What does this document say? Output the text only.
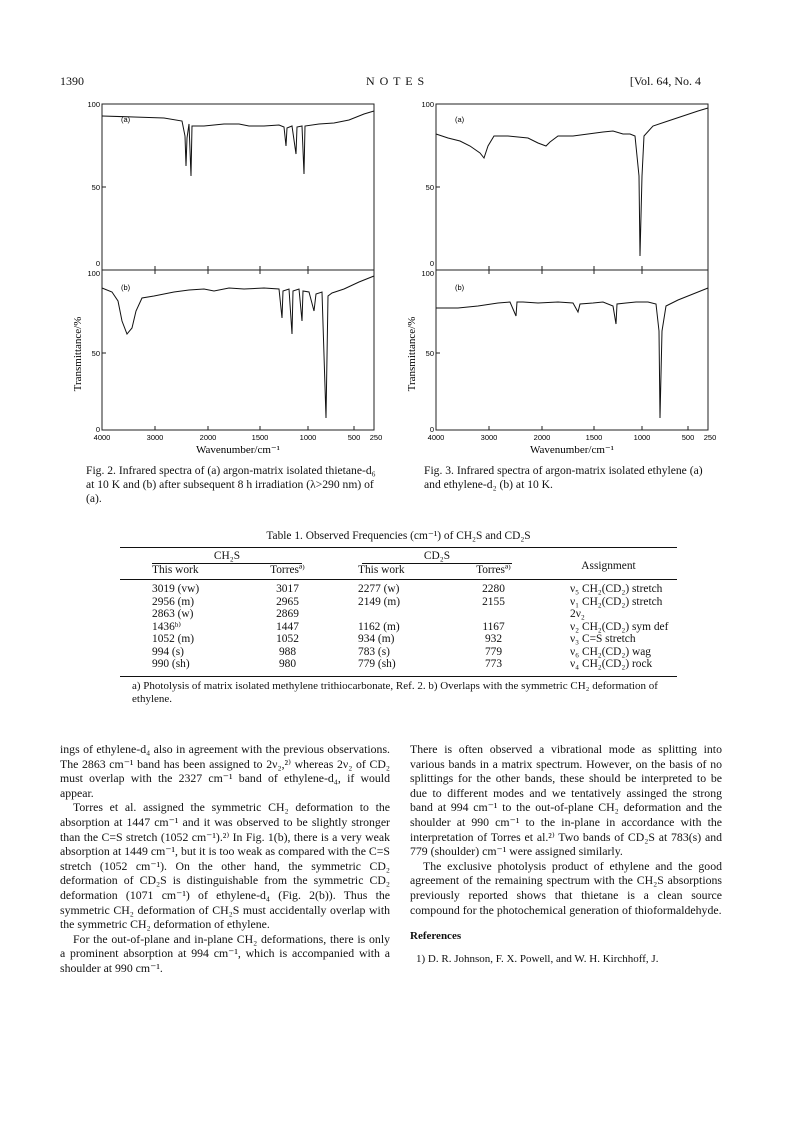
1390	N O T E S	[Vol. 64, No. 4
(a)
(b)
100
50
0
100
50
0
4000	3000	2000	1500	1000	500 250
Wavenumber/cm⁻¹
Transmittance/%
(a)
(b)
100
50
0
100
50
0
4000	3000	2000	1500	1000	500 250
Wavenumber/cm⁻¹
Transmittance/%
Fig. 2. Infrared spectra of (a) argon-matrix isolated thietane-d₆ at 10 K and (b) after subsequent 8 h irradiation (λ>290 nm) of (a).
Fig. 3. Infrared spectra of argon-matrix isolated ethylene (a) and ethylene-d₂ (b) at 10 K.
Table 1. Observed Frequencies (cm⁻¹) of CH₂S and CD₂S
CH₂S		CD₂S		Assignment
This work	Torresª⁾	This work	Torresª⁾	
3019 (vw)	3017	2277 (w)	2280	ν₅ CH₂(CD₂) stretch
2956 (m)	2965	2149 (m)	2155	ν₁ CH₂(CD₂) stretch
2863 (w)	2869			2ν₂
1436ᵇ⁾	1447	1162 (m)	1167	ν₂ CH₂(CD₂) sym def
1052 (m)	1052	934 (m)	932	ν₃ C=S stretch
994 (s)	988	783 (s)	779	ν₆ CH₂(CD₂) wag
990 (sh)	980	779 (sh)	773	ν₄ CH₂(CD₂) rock
a) Photolysis of matrix isolated methylene trithiocarbonate, Ref. 2. b) Overlaps with the symmetric CH₂ deformation of ethylene.

ings of ethylene-d₄ also in agreement with the previous observations. The 2863 cm⁻¹ band has been assigned to 2ν₂,²⁾ whereas 2ν₂ of CD₂ must overlap with the 2327 cm⁻¹ band of ethylene-d₄, if would appear.

Torres et al. assigned the symmetric CH₂ deformation to the absorption at 1447 cm⁻¹ and it was observed to be slightly stronger than the C=S stretch (1052 cm⁻¹).²⁾ In Fig. 1(b), there is a very weak absorption at 1449 cm⁻¹, but it is too weak as compared with the C=S stretch (1052 cm⁻¹). On the other hand, the symmetric CD₂ deformation of CD₂S is distinguishable from the symmetric CD₂ deformation (1071 cm⁻¹) of ethylene-d₄ (Fig. 2(b)). Thus the symmetric CH₂ deformation of CH₂S must accidentally overlap with the symmetric CH₂ deformation of ethylene.

For the out-of-plane and in-plane CH₂ deformations, there is only a prominent absorption at 994 cm⁻¹, which is accompanied with a shoulder at 990 cm⁻¹.

There is often observed a vibrational mode as splitting into various bands in a matrix spectrum. However, on the basis of no splittings for the other bands, these should be interpreted to be due to different modes and we tentatively assinged the strong band at 994 cm⁻¹ to the out-of-plane CH₂ deformation and the shoulder at 990 cm⁻¹ to the in-plane in accordance with the interpretation of Torres et al.²⁾ Two bands of CD₂S at 783(s) and 779 (shoulder) cm⁻¹ were assigned similarly.

The exclusive photolysis product of ethylene and the good agreement of the remaining spectrum with the CH₂S absorptions previously reported shows that thietane is a clean source compound for the photochemical generation of thioformaldehyde.

References
1) D. R. Johnson, F. X. Powell, and W. H. Kirchhoff, J.
